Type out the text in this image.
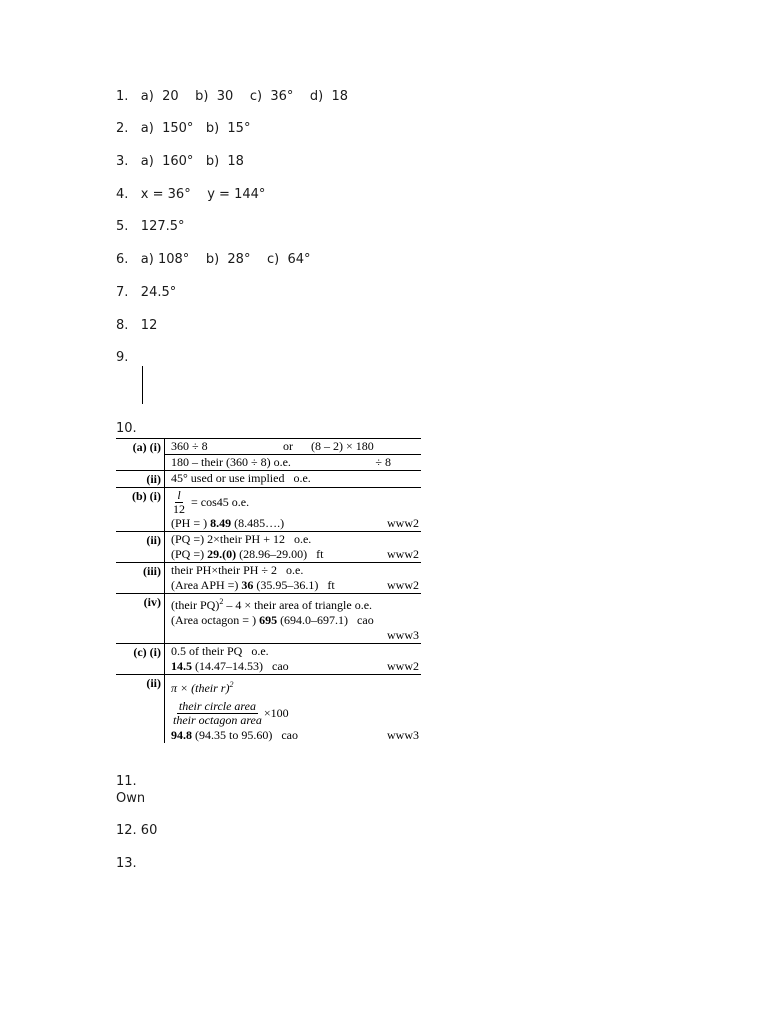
1.   a)  20    b)  30    c)  36°    d)  18
2.   a)  150°   b)  15°
3.   a)  160°   b)  18
4.   x = 36°    y = 144°
5.   127.5°
6.   a) 108°    b)  28°    c)  64°
7.   24.5°
8.   12
9.
10.
(a) (i) 360 ÷ 8	or	(8 – 2) × 180
180 – their (360 ÷ 8) o.e.	÷ 8
(ii) 45° used or use implied   o.e.
(b) $(i) \frac{l}{12} = \cos 45$ o.e.
(PH = ) 8.49 (8.485….)	www2
(ii) (PQ =) 2×their PH + 12   o.e.
(PQ =) 29.(0) (28.96–29.00)   ft	www2
(iii) their PH×their PH ÷ 2   o.e.
(Area APH =) 36 (35.95–36.1)   ft	www2
(iv) (their PQ)$^2$ – 4 × their area of triangle o.e.
(Area octagon = ) 695 (694.0–697.1)   cao
www3
(c) (i) 0.5 of their PQ   o.e.
14.5 (14.47–14.53)   cao	www2
(ii) π × (their r)$^2$
$\frac{\text{their circle area}}{\text{their octagon area}} \times 100$
94.8 (94.35 to 95.60)   cao	www3
11.
Own
12. 60
13.
